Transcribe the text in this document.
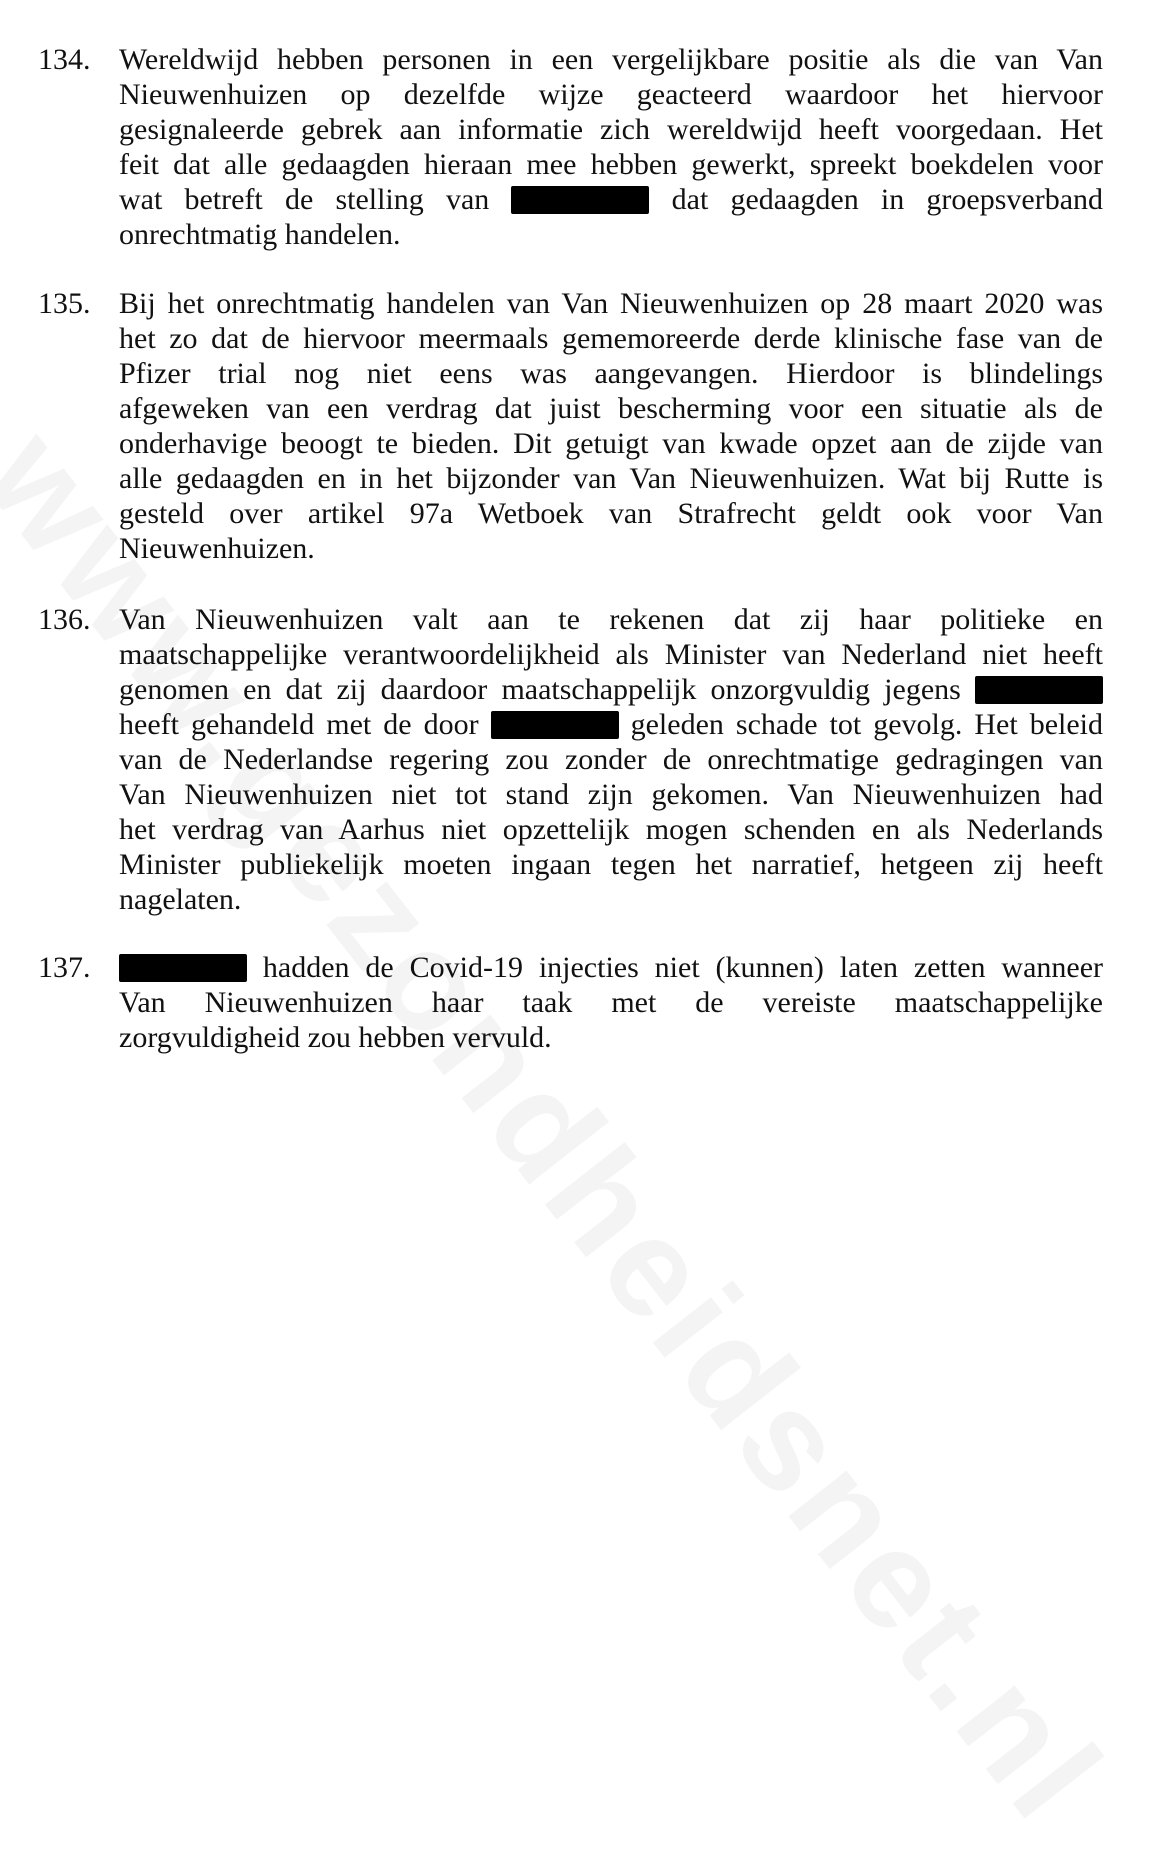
134. Wereldwijd hebben personen in een vergelijkbare positie als die van Van
Nieuwenhuizen op dezelfde wijze geacteerd waardoor het hiervoor
gesignaleerde gebrek aan informatie zich wereldwijd heeft voorgedaan. Het
feit dat alle gedaagden hieraan mee hebben gewerkt, spreekt boekdelen voor
wat betreft de stelling van	dat gedaagden in groepsverband
onrechtmatig handelen.
135. Bij het onrechtmatig handelen van Van Nieuwenhuizen op 28 maart 2020 was
het zo dat de hiervoor meermaals gememoreerde derde klinische fase van de
Pfizer trial nog niet eens was aangevangen. Hierdoor is blindelings
afgeweken van een verdrag dat juist bescherming voor een situatie als de
onderhavige beoogt te bieden. Dit getuigt van kwade opzet aan de zijde van
alle gedaagden en in het bijzonder van Van Nieuwenhuizen. Wat bij Rutte is
gesteld over artikel 97a Wetboek van Strafrecht geldt ook voor Van
Nieuwenhuizen.
136. Van Nieuwenhuizen valt aan te rekenen dat zij haar politieke en
maatschappelijke verantwoordelijkheid als Minister van Nederland niet heeft
genomen en dat zij daardoor maatschappelijk onzorgvuldig jegens
heeft gehandeld met de door	geleden schade tot gevolg. Het beleid
van de Nederlandse regering zou zonder de onrechtmatige gedragingen van
Van Nieuwenhuizen niet tot stand zijn gekomen. Van Nieuwenhuizen had
het verdrag van Aarhus niet opzettelijk mogen schenden en als Nederlands
Minister publiekelijk moeten ingaan tegen het narratief, hetgeen zij heeft
nagelaten.
137.	hadden de Covid-19 injecties niet (kunnen) laten zetten wanneer
Van Nieuwenhuizen haar taak met de vereiste maatschappelijke
zorgvuldigheid zou hebben vervuld.
